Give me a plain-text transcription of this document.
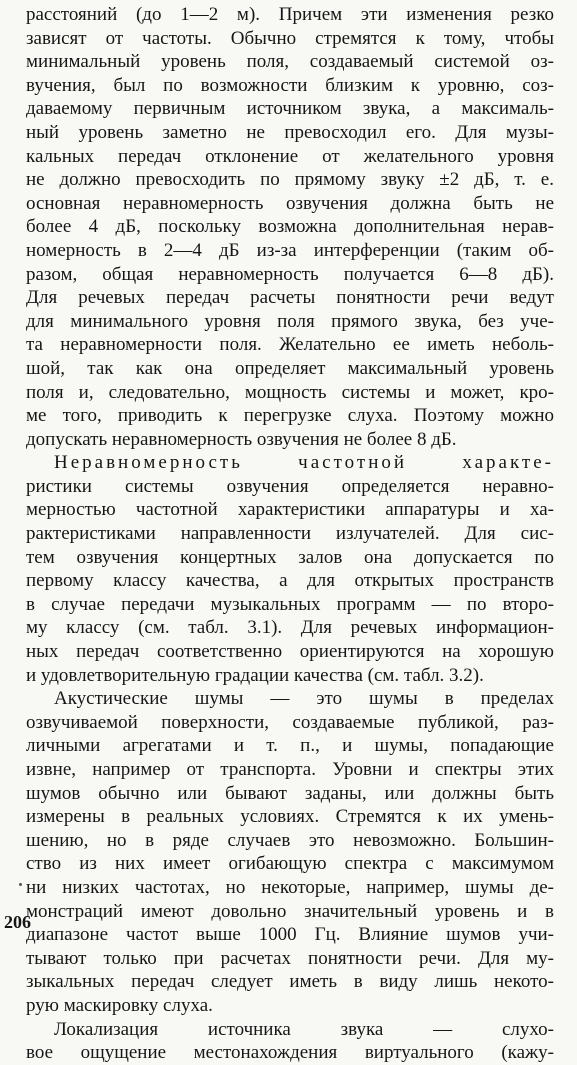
расстояний (до 1—2 м). Причем эти изменения резко
зависят от частоты. Обычно стремятся к тому, чтобы
минимальный уровень поля, создаваемый системой оз-
вучения, был по возможности близким к уровню, соз-
даваемому первичным источником звука, а максималь-
ный уровень заметно не превосходил его. Для музы-
кальных передач отклонение от желательного уровня
не должно превосходить по прямому звуку ±2 дБ, т. е.
основная неравномерность озвучения должна быть не
более 4 дБ, поскольку возможна дополнительная нерав-
номерность в 2—4 дБ из-за интерференции (таким об-
разом, общая неравномерность получается 6—8 дБ).
Для речевых передач расчеты понятности речи ведут
для минимального уровня поля прямого звука, без уче-
та неравномерности поля. Желательно ее иметь неболь-
шой, так как она определяет максимальный уровень
поля и, следовательно, мощность системы и может, кро-
ме того, приводить к перегрузке слуха. Поэтому можно
допускать неравномерность озвучения не более 8 дБ.
Неравномерность частотной характе-
ристики системы озвучения определяется неравно-
мерностью частотной характеристики аппаратуры и ха-
рактеристиками направленности излучателей. Для сис-
тем озвучения концертных залов она допускается по
первому классу качества, а для открытых пространств
в случае передачи музыкальных программ — по второ-
му классу (см. табл. 3.1). Для речевых информацион-
ных передач соответственно ориентируются на хорошую
и удовлетворительную градации качества (см. табл. 3.2).
Акустические шумы — это шумы в пределах
озвучиваемой поверхности, создаваемые публикой, раз-
личными агрегатами и т. п., и шумы, попадающие
извне, например от транспорта. Уровни и спектры этих
шумов обычно или бывают заданы, или должны быть
измерены в реальных условиях. Стремятся к их умень-
шению, но в ряде случаев это невозможно. Большин-
ство из них имеет огибающую спектра с максимумом
ни низких частотах, но некоторые, например, шумы де-
монстраций имеют довольно значительный уровень и в
диапазоне частот выше 1000 Гц. Влияние шумов учи-
тывают только при расчетах понятности речи. Для му-
зыкальных передач следует иметь в виду лишь некото-
рую маскировку слуха.
Локализация источника звука — слухо-
вое ощущение местонахождения виртуального (кажу-
206
